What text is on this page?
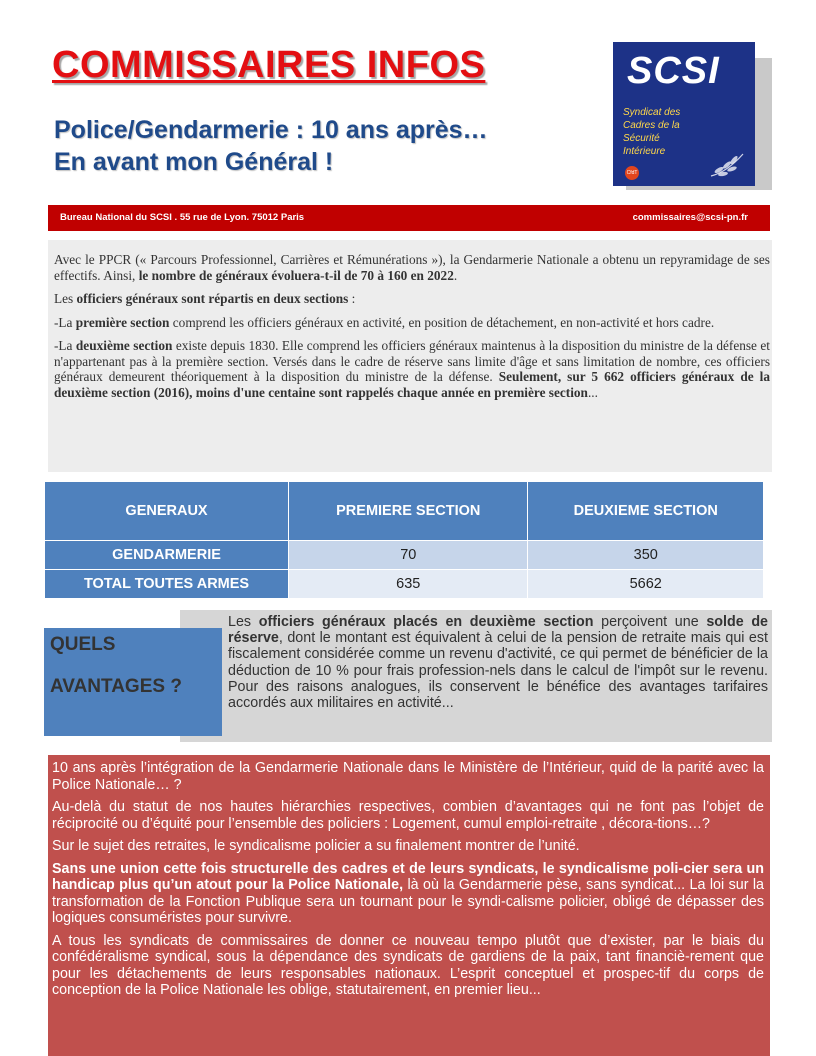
COMMISSAIRES INFOS
Police/Gendarmerie : 10 ans après…
En avant mon Général !
SCSI
Syndicat des
Cadres de la
Sécurité
Intérieure
CfdT
Bureau National du SCSI . 55 rue de Lyon. 75012 Paris	commissaires@scsi-pn.fr

Avec le PPCR (« Parcours Professionnel, Carrières et Rémunérations »), la Gendarmerie Nationale a obtenu un repyramidage de ses effectifs. Ainsi, le nombre de généraux évoluera-t-il de 70 à 160 en 2022.

Les officiers généraux sont répartis en deux sections :

-La première section comprend les officiers généraux en activité, en position de détachement, en non-activité et hors cadre.

-La deuxième section existe depuis 1830. Elle comprend les officiers généraux maintenus à la disposition du ministre de la défense et n'appartenant pas à la première section. Versés dans le cadre de réserve sans limite d'âge et sans limitation de nombre, ces officiers généraux demeurent théoriquement à la disposition du ministre de la défense. Seulement, sur 5 662 officiers généraux de la deuxième section (2016), moins d'une centaine sont rappelés chaque année en première section...

GENERAUX	PREMIERE SECTION	DEUXIEME SECTION
GENDARMERIE	70	350
TOTAL TOUTES ARMES	635	5662
QUELS
AVANTAGES ?
Les officiers généraux placés en deuxième section perçoivent une solde de réserve, dont le montant est équivalent à celui de la pension de retraite mais qui est fiscalement considérée comme un revenu d'activité, ce qui permet de bénéficier de la déduction de 10 % pour frais profession-nels dans le calcul de l'impôt sur le revenu. Pour des raisons analogues, ils conservent le bénéfice des avantages tarifaires accordés aux militaires en activité...

10 ans après l’intégration de la Gendarmerie Nationale dans le Ministère de l’Intérieur, quid de la parité avec la Police Nationale… ?

Au-delà du statut de nos hautes hiérarchies respectives, combien d’avantages qui ne font pas l’objet de réciprocité ou d’équité pour l’ensemble des policiers : Logement, cumul emploi-retraite , décora-tions…?

Sur le sujet des retraites, le syndicalisme policier a su finalement montrer de l’unité.

Sans une union cette fois structurelle des cadres et de leurs syndicats, le syndicalisme poli-cier sera un handicap plus qu’un atout pour la Police Nationale, là où la Gendarmerie pèse, sans syndicat... La loi sur la transformation de la Fonction Publique sera un tournant pour le syndi-calisme policier, obligé de dépasser des logiques consuméristes pour survivre.

A tous les syndicats de commissaires de donner ce nouveau tempo plutôt que d’exister, par le biais du confédéralisme syndical, sous la dépendance des syndicats de gardiens de la paix, tant financiè-rement que pour les détachements de leurs responsables nationaux. L’esprit conceptuel et prospec-tif du corps de conception de la Police Nationale les oblige, statutairement, en premier lieu...
